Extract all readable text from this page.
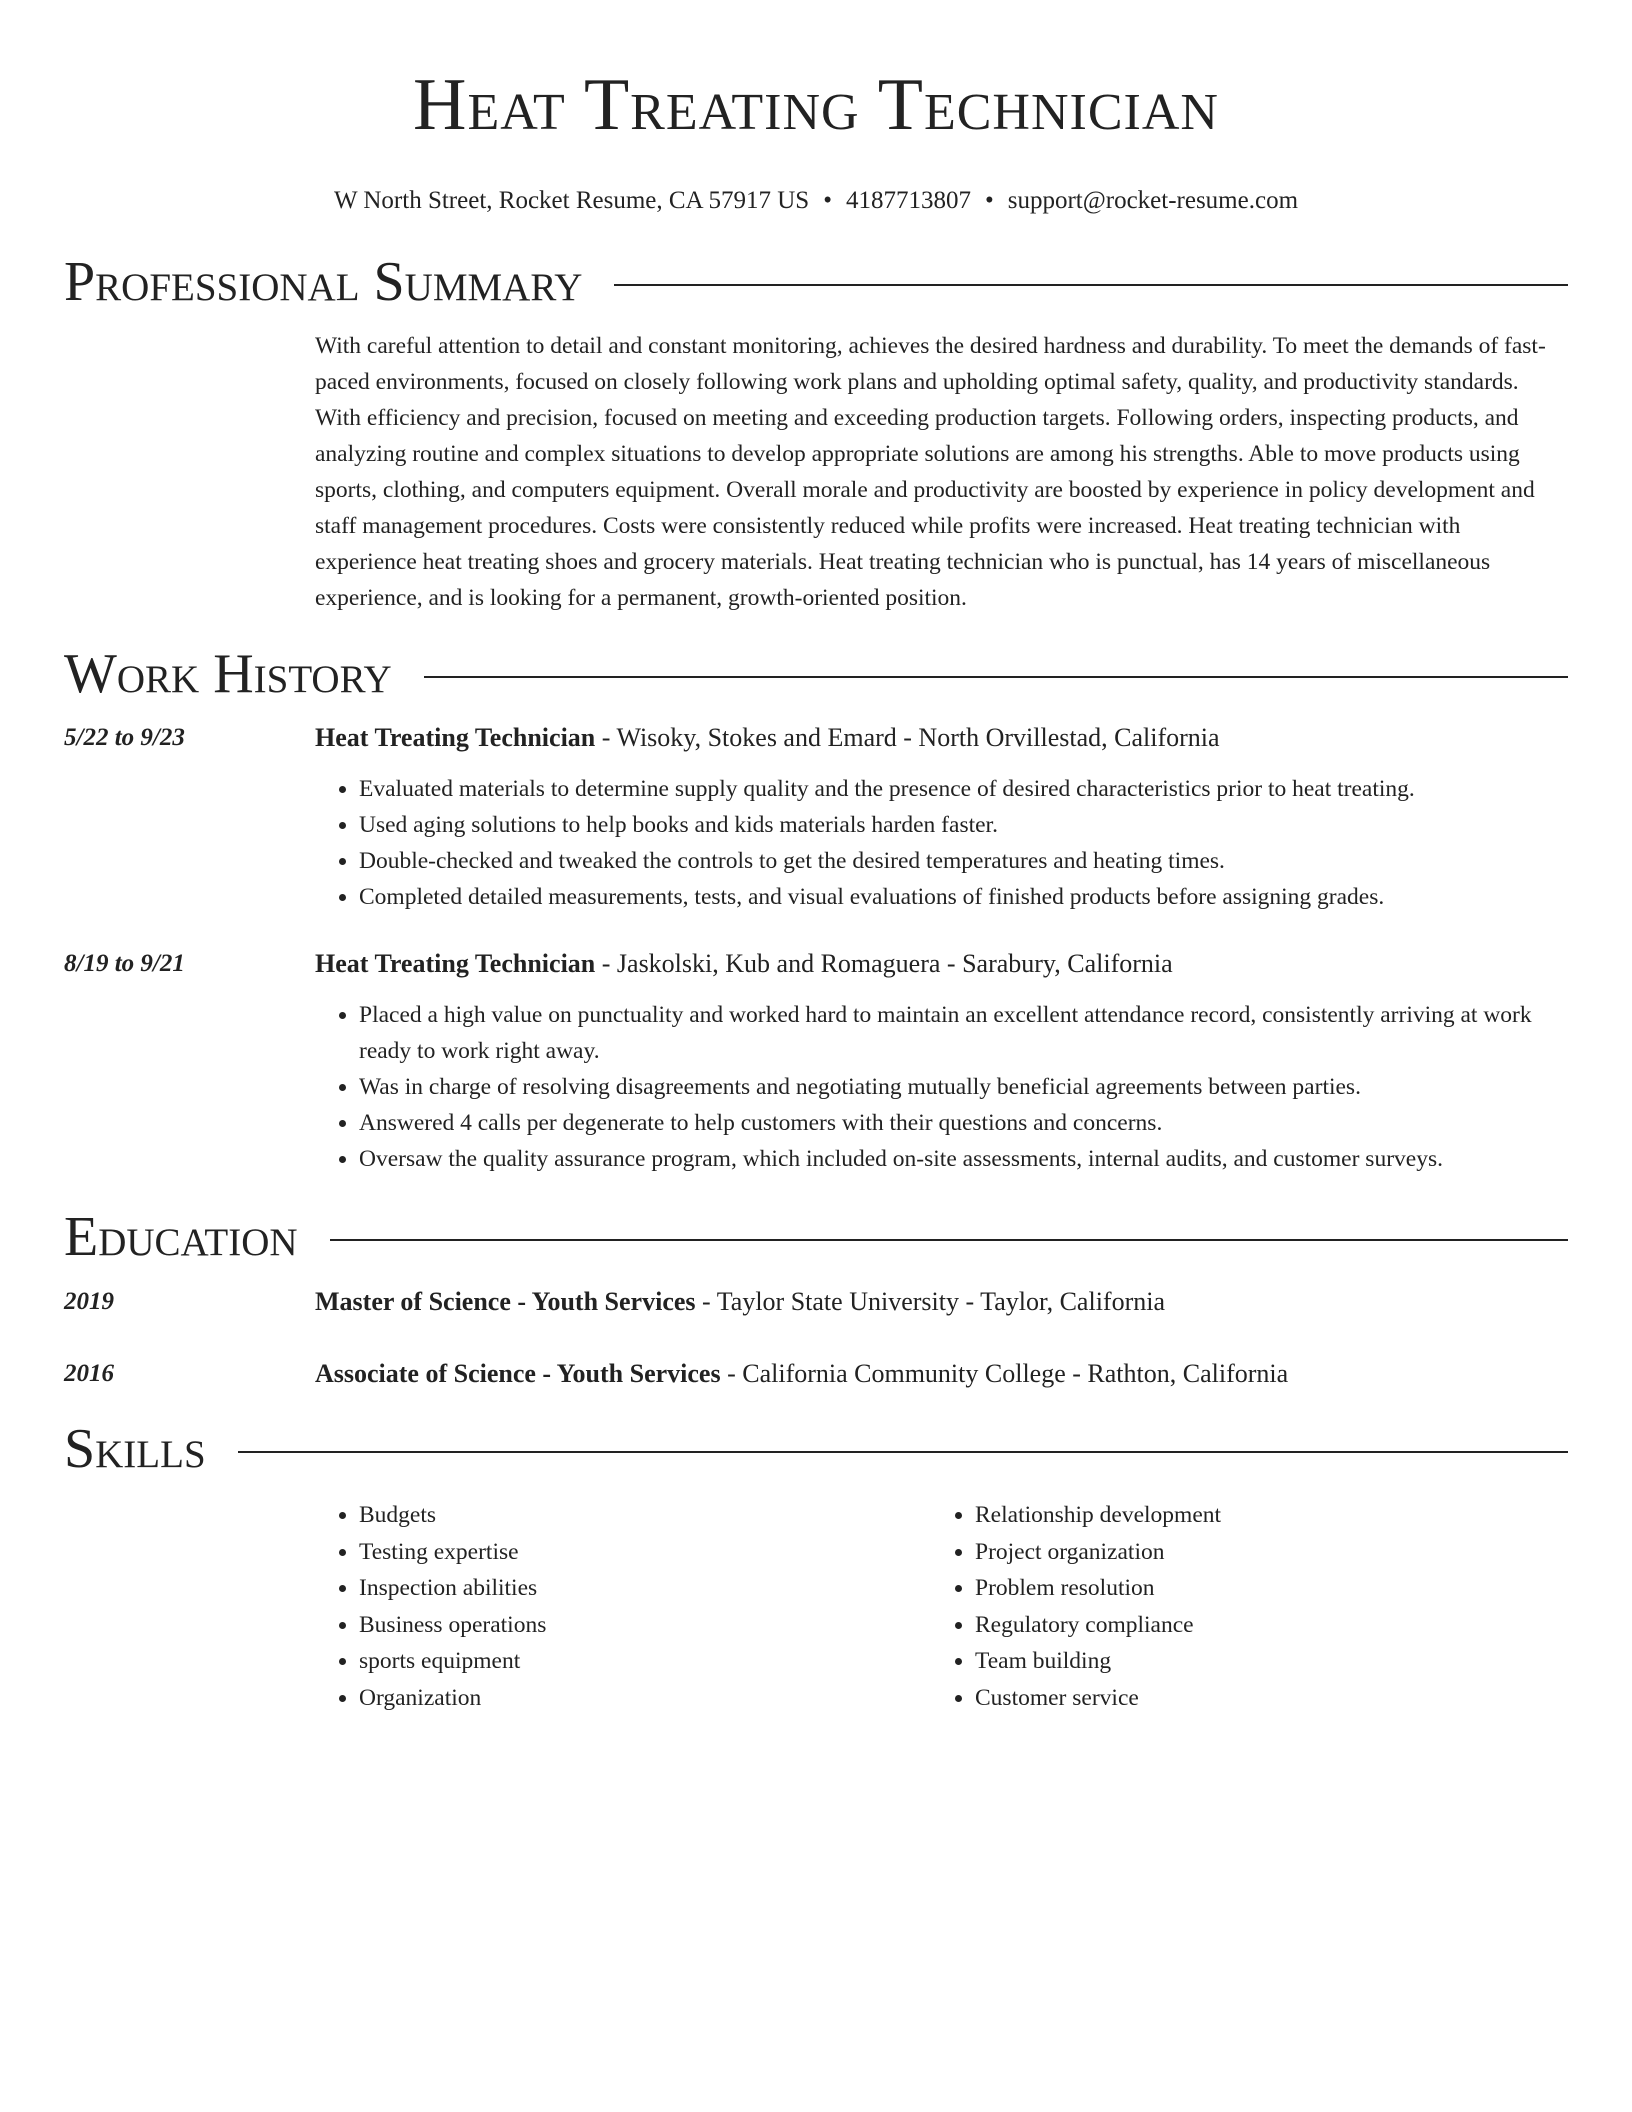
Heat Treating Technician
W North Street, Rocket Resume, CA 57917 US • 4187713807 • support@rocket-resume.com
Professional Summary
With careful attention to detail and constant monitoring, achieves the desired hardness and durability. To meet the demands of fast-paced environments, focused on closely following work plans and upholding optimal safety, quality, and productivity standards. With efficiency and precision, focused on meeting and exceeding production targets. Following orders, inspecting products, and analyzing routine and complex situations to develop appropriate solutions are among his strengths. Able to move products using sports, clothing, and computers equipment. Overall morale and productivity are boosted by experience in policy development and staff management procedures. Costs were consistently reduced while profits were increased. Heat treating technician with experience heat treating shoes and grocery materials. Heat treating technician who is punctual, has 14 years of miscellaneous experience, and is looking for a permanent, growth-oriented position.
Work History
5/22 to 9/23	Heat Treating Technician - Wisoky, Stokes and Emard - North Orvillestad, California
• Evaluated materials to determine supply quality and the presence of desired characteristics prior to heat treating.
• Used aging solutions to help books and kids materials harden faster.
• Double-checked and tweaked the controls to get the desired temperatures and heating times.
• Completed detailed measurements, tests, and visual evaluations of finished products before assigning grades.
8/19 to 9/21	Heat Treating Technician - Jaskolski, Kub and Romaguera - Sarabury, California
• Placed a high value on punctuality and worked hard to maintain an excellent attendance record, consistently arriving at work ready to work right away.
• Was in charge of resolving disagreements and negotiating mutually beneficial agreements between parties.
• Answered 4 calls per degenerate to help customers with their questions and concerns.
• Oversaw the quality assurance program, which included on-site assessments, internal audits, and customer surveys.
Education
2019	Master of Science - Youth Services - Taylor State University - Taylor, California
2016	Associate of Science - Youth Services - California Community College - Rathton, California
Skills
• Budgets
• Testing expertise
• Inspection abilities
• Business operations
• sports equipment
• Organization
• Relationship development
• Project organization
• Problem resolution
• Regulatory compliance
• Team building
• Customer service
